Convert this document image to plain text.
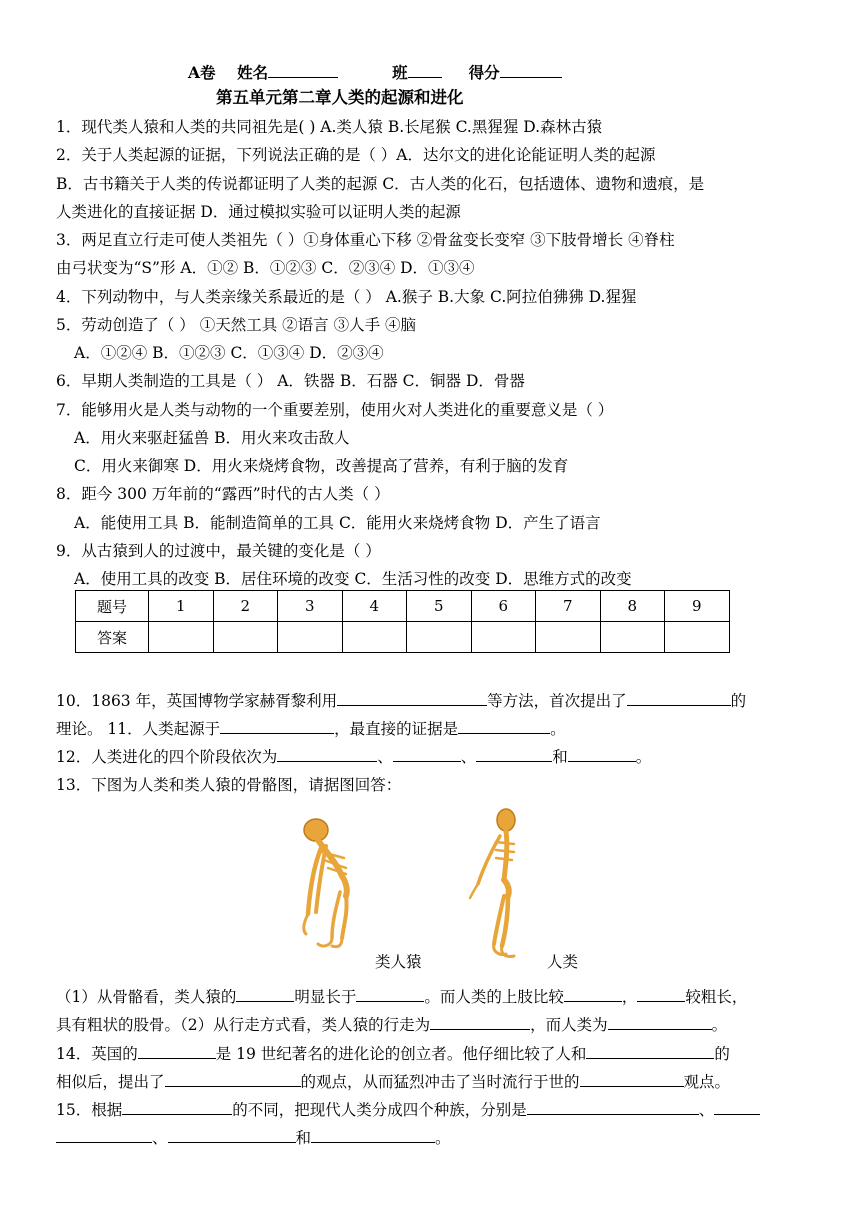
A卷 姓名	班	得分
第五单元第二章人类的起源和进化
1．现代类人猿和人类的共同祖先是( ) A.类人猿 B.长尾猴 C.黑猩猩 D.森林古猿
2．关于人类起源的证据，下列说法正确的是（ ）A．达尔文的进化论能证明人类的起源
B．古书籍关于人类的传说都证明了人类的起源 C．古人类的化石，包括遗体、遗物和遗痕，是
人类进化的直接证据 D．通过模拟实验可以证明人类的起源
3．两足直立行走可使人类祖先（ ）①身体重心下移 ②骨盆变长变窄 ③下肢骨增长 ④脊柱
由弓状变为“S”形 A．①② B．①②③ C．②③④ D．①③④
4．下列动物中，与人类亲缘关系最近的是（ ） A.猴子 B.大象 C.阿拉伯狒狒 D.猩猩
5．劳动创造了（ ） ①天然工具 ②语言 ③人手 ④脑
A．①②④ B．①②③ C．①③④ D．②③④
6．早期人类制造的工具是（ ） A．铁器 B．石器 C．铜器 D．骨器
7．能够用火是人类与动物的一个重要差别，使用火对人类进化的重要意义是（ ）
A．用火来驱赶猛兽 B．用火来攻击敌人
C．用火来御寒 D．用火来烧烤食物，改善提高了营养，有利于脑的发育
8．距今 300 万年前的“露西”时代的古人类（ ）
A．能使用工具 B．能制造简单的工具 C．能用火来烧烤食物 D．产生了语言
9．从古猿到人的过渡中，最关键的变化是（ ）
A．使用工具的改变 B．居住环境的改变 C．生活习性的改变 D．思维方式的改变
题号	1	2	3	4	5	6	7	8	9
答案									
10．1863 年，英国博物学家赫胥黎利用	等方法，首次提出了	的
理论。 11．人类起源于	，最直接的证据是	。
12．人类进化的四个阶段依次为	、	、	和	。
13．下图为人类和类人猿的骨骼图，请据图回答：
类人猿	人类
（1）从骨骼看，类人猿的	明显长于	。而人类的上肢比较	，	较粗长，
具有粗状的股骨。（2）从行走方式看，类人猿的行走为	，而人类为	。
14．英国的	是 19 世纪著名的进化论的创立者。他仔细比较了人和	的
相似后，提出了	的观点，从而猛烈冲击了当时流行于世的	观点。
15．根据	的不同，把现代人类分成四个种族，分别是	、
、	和	。
